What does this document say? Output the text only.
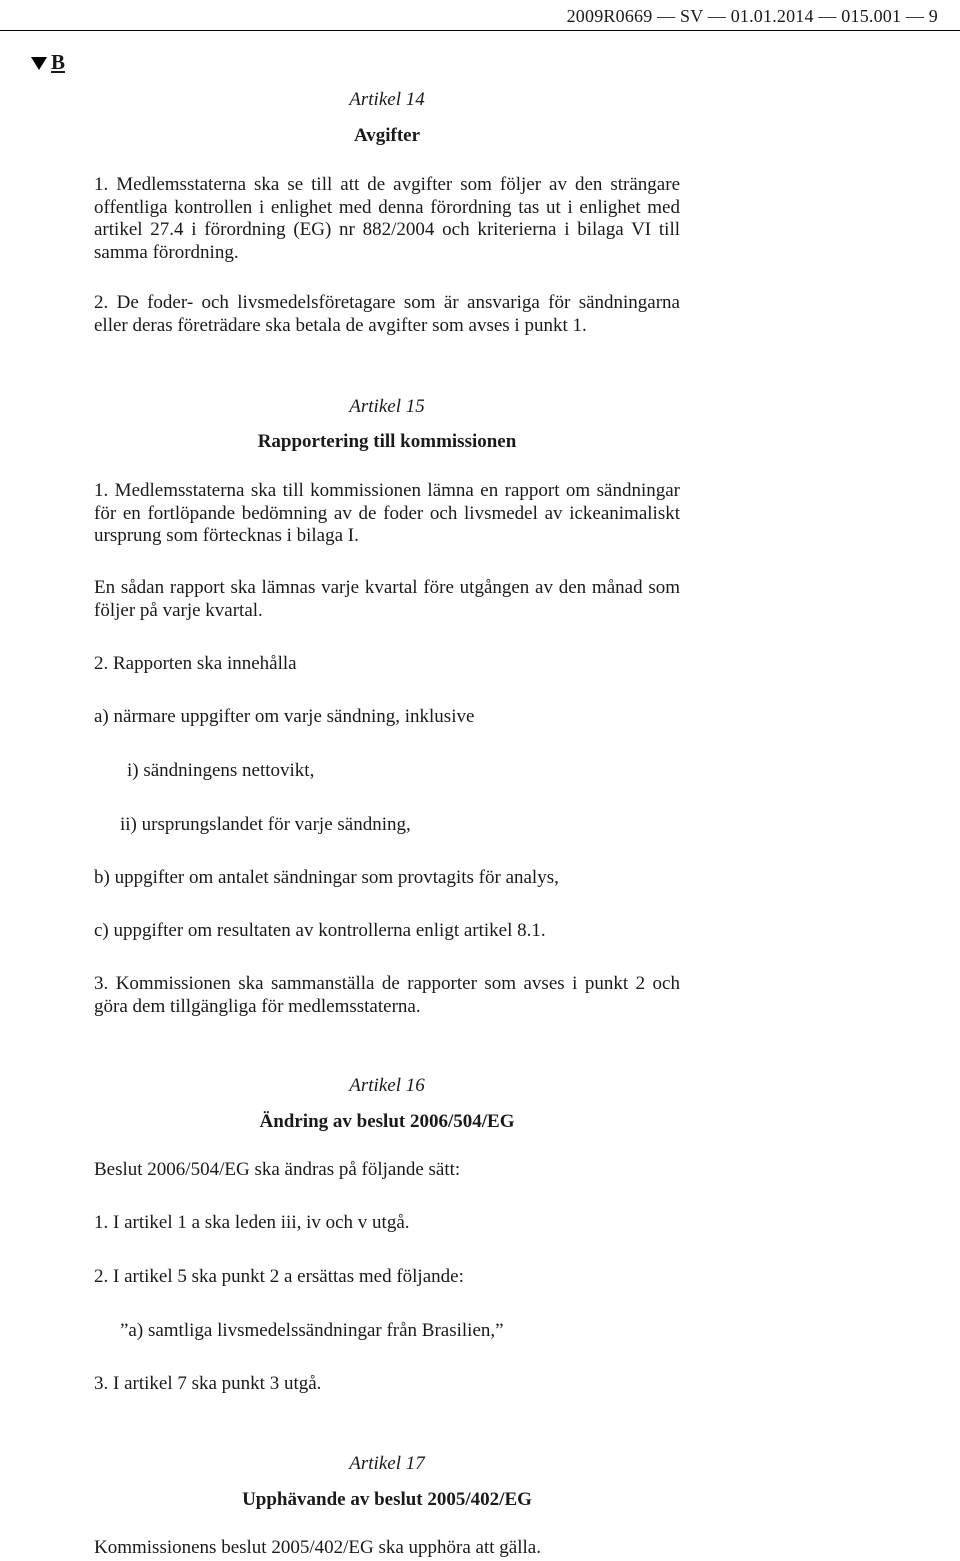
2009R0669 — SV — 01.01.2014 — 015.001 — 9
B
Artikel 14
Avgifter
1. Medlemsstaterna ska se till att de avgifter som följer av den strängare offentliga kontrollen i enlighet med denna förordning tas ut i enlighet med artikel 27.4 i förordning (EG) nr 882/2004 och kriterierna i bilaga VI till samma förordning.
2. De foder- och livsmedelsföretagare som är ansvariga för sändningarna eller deras företrädare ska betala de avgifter som avses i punkt 1.
Artikel 15
Rapportering till kommissionen
1. Medlemsstaterna ska till kommissionen lämna en rapport om sändningar för en fortlöpande bedömning av de foder och livsmedel av ickeanimaliskt ursprung som förtecknas i bilaga I.
En sådan rapport ska lämnas varje kvartal före utgången av den månad som följer på varje kvartal.
2. Rapporten ska innehålla
a) närmare uppgifter om varje sändning, inklusive
i) sändningens nettovikt,
ii) ursprungslandet för varje sändning,
b) uppgifter om antalet sändningar som provtagits för analys,
c) uppgifter om resultaten av kontrollerna enligt artikel 8.1.
3. Kommissionen ska sammanställa de rapporter som avses i punkt 2 och göra dem tillgängliga för medlemsstaterna.
Artikel 16
Ändring av beslut 2006/504/EG
Beslut 2006/504/EG ska ändras på följande sätt:
1. I artikel 1 a ska leden iii, iv och v utgå.
2. I artikel 5 ska punkt 2 a ersättas med följande:
”a) samtliga livsmedelssändningar från Brasilien,”
3. I artikel 7 ska punkt 3 utgå.
Artikel 17
Upphävande av beslut 2005/402/EG
Kommissionens beslut 2005/402/EG ska upphöra att gälla.
